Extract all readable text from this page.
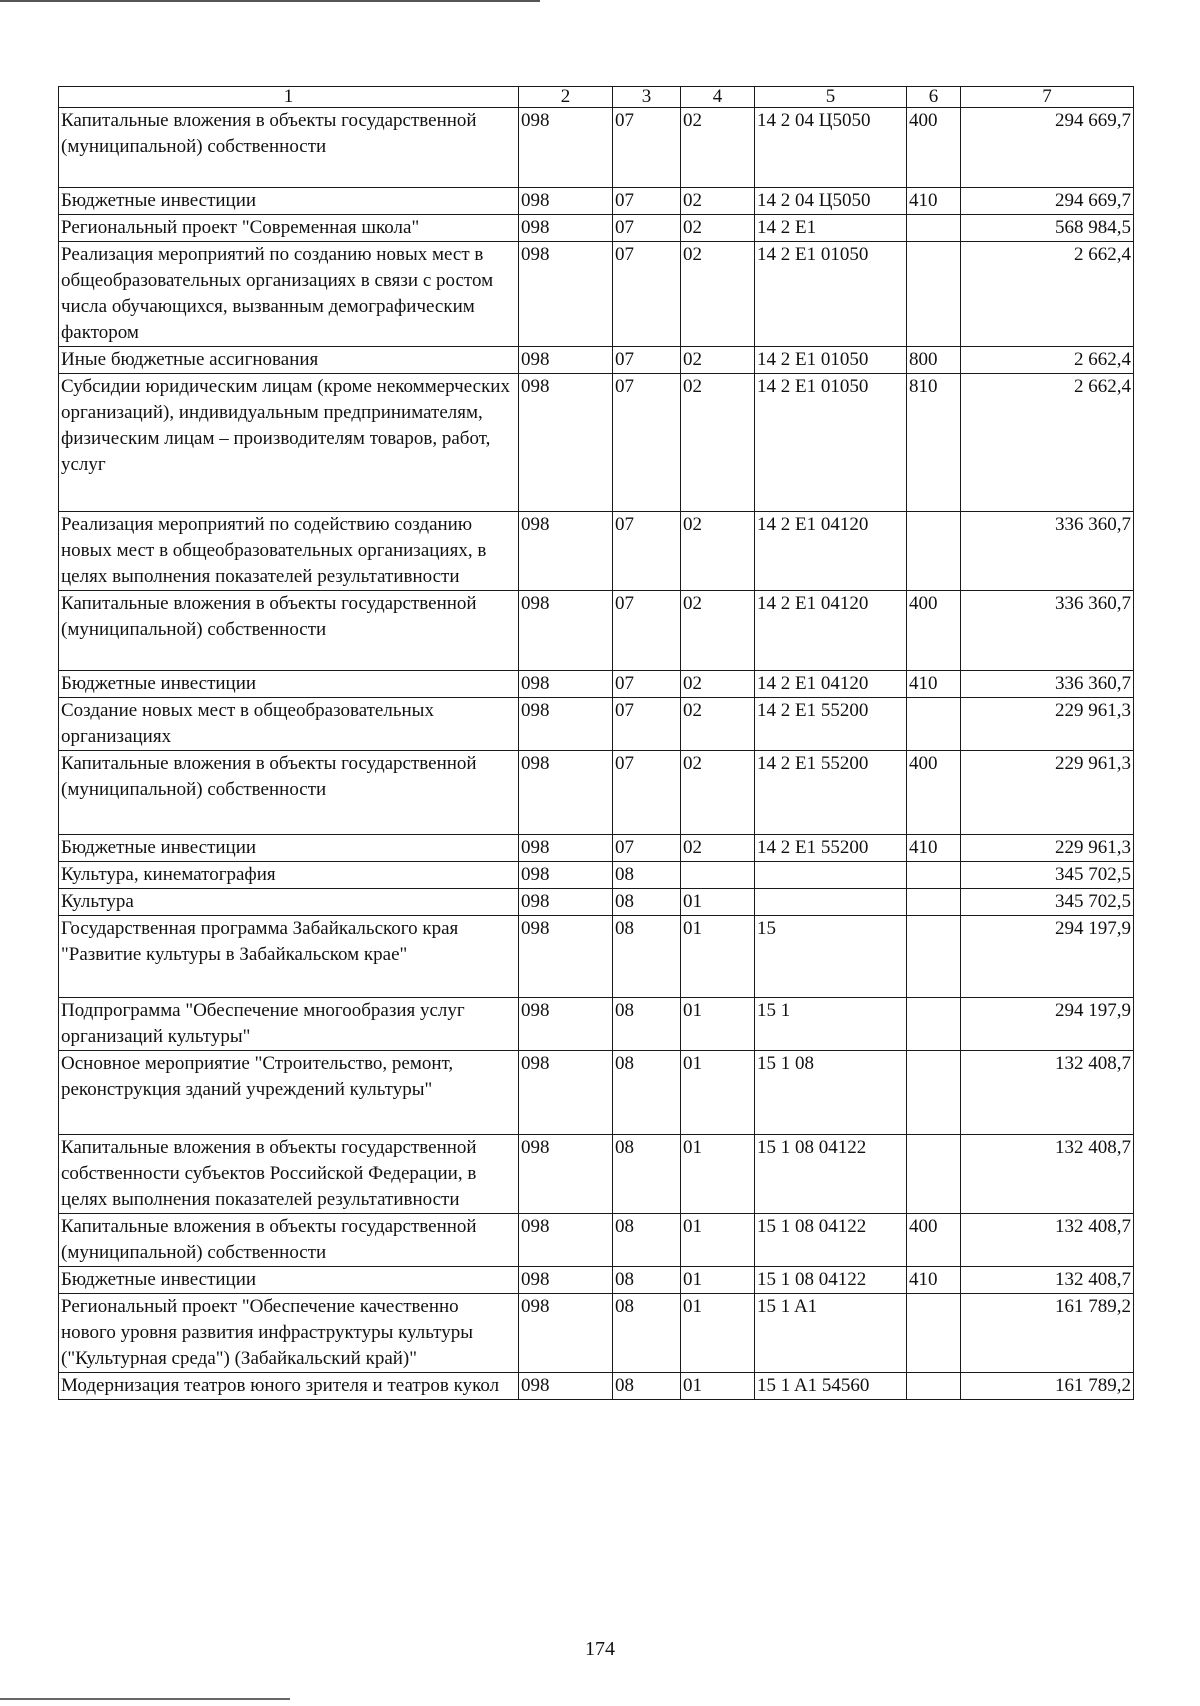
1	2	3	4	5	6	7
Капитальные вложения в объекты государственной (муниципальной) собственности	098	07	02	14 2 04 Ц5050	400	294 669,7
Бюджетные инвестиции	098	07	02	14 2 04 Ц5050	410	294 669,7
Региональный проект "Современная школа"	098	07	02	14 2 E1		568 984,5
Реализация мероприятий по созданию новых мест в общеобразовательных организациях в связи с ростом числа обучающихся, вызванным демографическим фактором	098	07	02	14 2 E1 01050		2 662,4
Иные бюджетные ассигнования	098	07	02	14 2 E1 01050	800	2 662,4
Субсидии юридическим лицам (кроме некоммерческих организаций), индивидуальным предпринимателям, физическим лицам – производителям товаров, работ, услуг	098	07	02	14 2 E1 01050	810	2 662,4
Реализация мероприятий по содействию созданию новых мест в общеобразовательных организациях, в целях выполнения показателей результативности	098	07	02	14 2 E1 04120		336 360,7
Капитальные вложения в объекты государственной (муниципальной) собственности	098	07	02	14 2 E1 04120	400	336 360,7
Бюджетные инвестиции	098	07	02	14 2 E1 04120	410	336 360,7
Создание новых мест в общеобразовательных организациях	098	07	02	14 2 E1 55200		229 961,3
Капитальные вложения в объекты государственной (муниципальной) собственности	098	07	02	14 2 E1 55200	400	229 961,3
Бюджетные инвестиции	098	07	02	14 2 E1 55200	410	229 961,3
Культура, кинематография	098	08				345 702,5
Культура	098	08	01			345 702,5
Государственная программа Забайкальского края "Развитие культуры в Забайкальском крае"	098	08	01	15		294 197,9
Подпрограмма "Обеспечение многообразия услуг организаций культуры"	098	08	01	15 1		294 197,9
Основное мероприятие "Строительство, ремонт, реконструкция зданий учреждений культуры"	098	08	01	15 1 08		132 408,7
Капитальные вложения в объекты государственной собственности субъектов Российской Федерации, в целях выполнения показателей результативности	098	08	01	15 1 08 04122		132 408,7
Капитальные вложения в объекты государственной (муниципальной) собственности	098	08	01	15 1 08 04122	400	132 408,7
Бюджетные инвестиции	098	08	01	15 1 08 04122	410	132 408,7
Региональный проект "Обеспечение качественно нового уровня развития инфраструктуры культуры ("Культурная среда") (Забайкальский край)"	098	08	01	15 1 A1		161 789,2
Модернизация театров юного зрителя и театров кукол	098	08	01	15 1 A1 54560		161 789,2
174
